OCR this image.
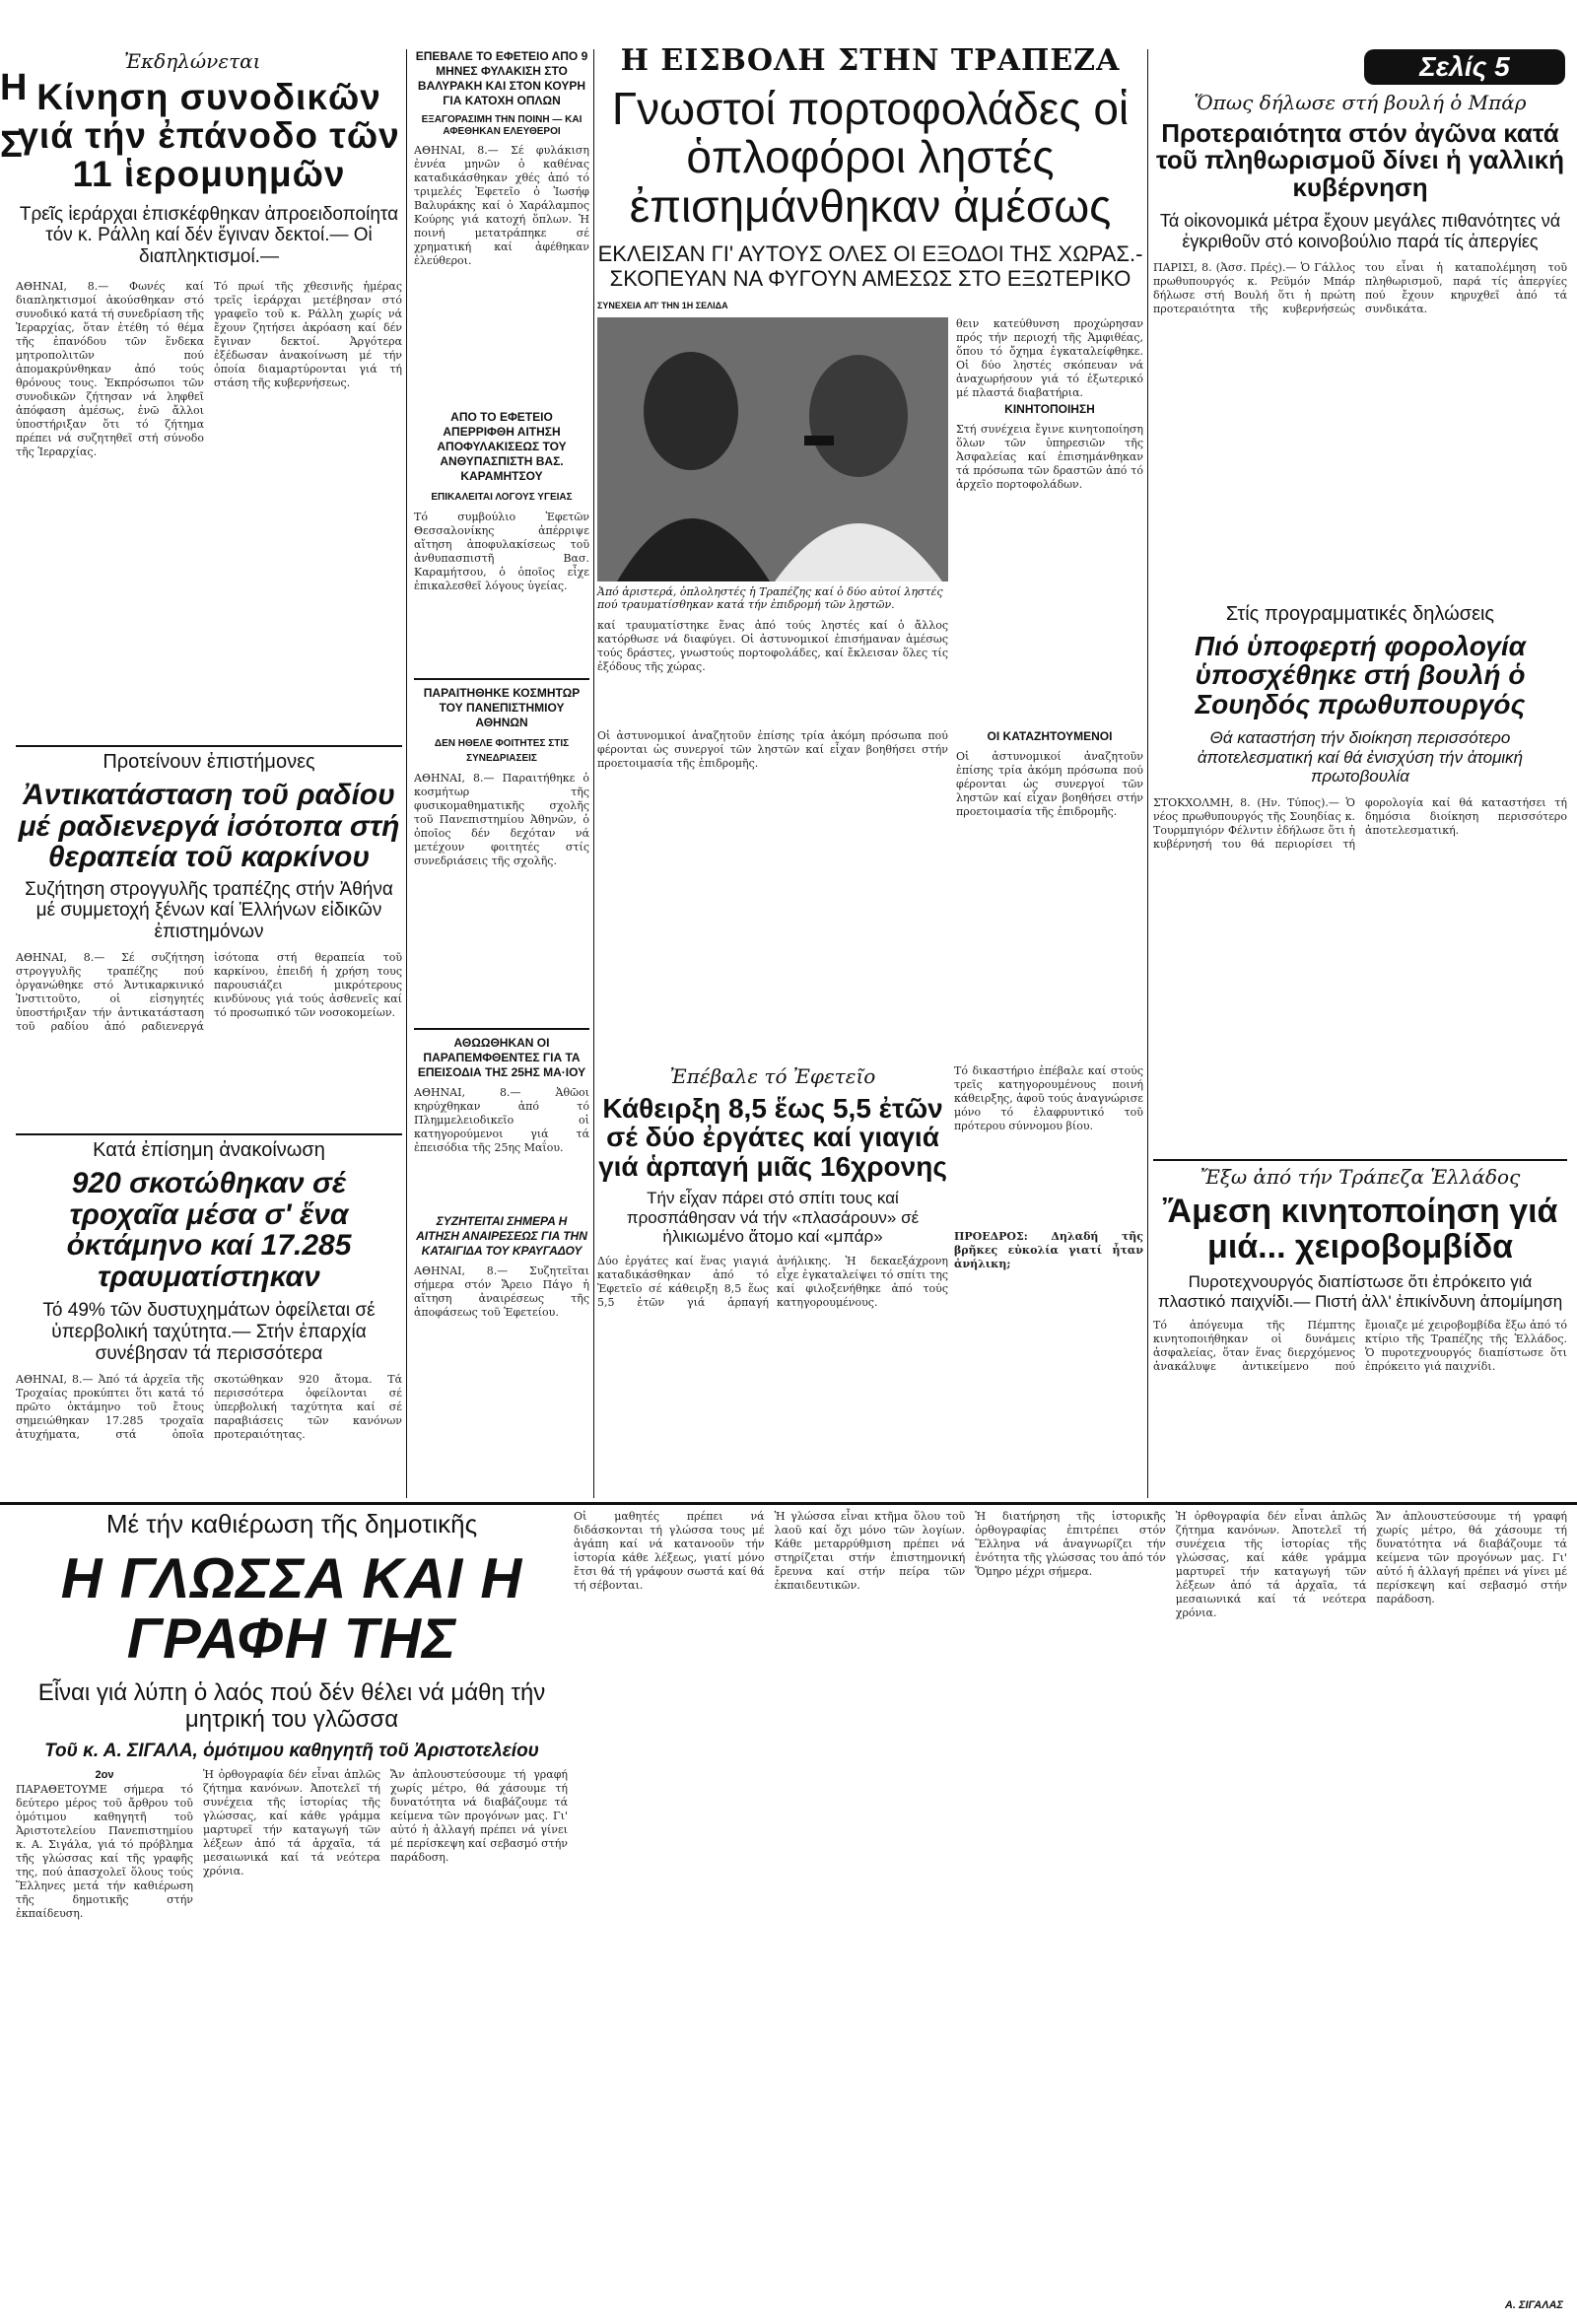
Η Σ
Ἐκδηλώνεται
Κίνηση συνοδικῶν γιά τήν ἐπάνοδο τῶν 11 ἱερομυημῶν
Τρεῖς ἱεράρχαι ἐπισκέφθηκαν ἀπροειδοποίητα τόν κ. Ράλλη καί δέν ἔγιναν δεκτοί.— Οἱ διαπληκτισμοί.—
ΑΘΗΝΑΙ, 8.— Φωνές καί διαπληκτισμοί ἀκούσθηκαν στό συνοδικό κατά τή συνεδρίαση τῆς Ἱεραρχίας, ὅταν ἐτέθη τό θέμα τῆς ἐπανόδου τῶν ἕνδεκα μητροπολιτῶν πού ἀπομακρύνθηκαν ἀπό τούς θρόνους τους. Ἐκπρόσωποι τῶν συνοδικῶν ζήτησαν νά ληφθεῖ ἀπόφαση ἀμέσως, ἐνῶ ἄλλοι ὑποστήριξαν ὅτι τό ζήτημα πρέπει νά συζητηθεῖ στή σύνοδο τῆς Ἱεραρχίας.
Τό πρωί τῆς χθεσινῆς ἡμέρας τρεῖς ἱεράρχαι μετέβησαν στό γραφεῖο τοῦ κ. Ράλλη χωρίς νά ἔχουν ζητήσει ἀκρόαση καί δέν ἔγιναν δεκτοί. Ἀργότερα ἐξέδωσαν ἀνακοίνωση μέ τήν ὁποία διαμαρτύρονται γιά τή στάση τῆς κυβερνήσεως.
Προτείνουν ἐπιστήμονες
Ἀντικατάσταση τοῦ ραδίου μέ ραδιενεργά ἰσότοπα στή θεραπεία τοῦ καρκίνου
Συζήτηση στρογγυλῆς τραπέζης στήν Ἀθήνα μέ συμμετοχή ξένων καί Ἑλλήνων εἰδικῶν ἐπιστημόνων
ΑΘΗΝΑΙ, 8.— Σέ συζήτηση στρογγυλῆς τραπέζης πού ὀργανώθηκε στό Ἀντικαρκινικό Ἰνστιτοῦτο, οἱ εἰσηγητές ὑποστήριξαν τήν ἀντικατάσταση τοῦ ραδίου ἀπό ραδιενεργά ἰσότοπα στή θεραπεία τοῦ καρκίνου, ἐπειδή ἡ χρήση τους παρουσιάζει μικρότερους κινδύνους γιά τούς ἀσθενεῖς καί τό προσωπικό τῶν νοσοκομείων.
Κατά ἐπίσημη ἀνακοίνωση
920 σκοτώθηκαν σέ τροχαῖα μέσα σ' ἕνα ὀκτάμηνο καί 17.285 τραυματίστηκαν
Τό 49% τῶν δυστυχημάτων ὀφείλεται σέ ὑπερβολική ταχύτητα.— Στήν ἐπαρχία συνέβησαν τά περισσότερα
ΑΘΗΝΑΙ, 8.— Ἀπό τά ἀρχεῖα τῆς Τροχαίας προκύπτει ὅτι κατά τό πρῶτο ὀκτάμηνο τοῦ ἔτους σημειώθηκαν 17.285 τροχαῖα ἀτυχήματα, στά ὁποῖα σκοτώθηκαν 920 ἄτομα. Τά περισσότερα ὀφείλονται σέ ὑπερβολική ταχύτητα καί σέ παραβιάσεις τῶν κανόνων προτεραιότητας.
ΕΠΕΒΑΛΕ ΤΟ ΕΦΕΤΕΙΟ ΑΠΟ 9 ΜΗΝΕΣ ΦΥΛΑΚΙΣΗ ΣΤΟ ΒΑΛΥΡΑΚΗ ΚΑΙ ΣΤΟΝ ΚΟΥΡΗ ΓΙΑ ΚΑΤΟΧΗ ΟΠΛΩΝ
ΕΞΑΓΟΡΑΣΙΜΗ ΤΗΝ ΠΟΙΝΗ — ΚΑΙ ΑΦΕΘΗΚΑΝ ΕΛΕΥΘΕΡΟΙ
ΑΘΗΝΑΙ, 8.— Σέ φυλάκιση ἐννέα μηνῶν ὁ καθένας καταδικάσθηκαν χθές ἀπό τό τριμελές Ἐφετεῖο ὁ Ἰωσήφ Βαλυράκης καί ὁ Χαράλαμπος Κούρης γιά κατοχή ὅπλων. Ἡ ποινή μετατράπηκε σέ χρηματική καί ἀφέθηκαν ἐλεύθεροι.
ΑΠΟ ΤΟ ΕΦΕΤΕΙΟ ΑΠΕΡΡΙΦΘΗ ΑΙΤΗΣΗ ΑΠΟΦΥΛΑΚΙΣΕΩΣ ΤΟΥ ΑΝΘΥΠΑΣΠΙΣΤΗ ΒΑΣ. ΚΑΡΑΜΗΤΣΟΥ
ΕΠΙΚΑΛΕΙΤΑΙ ΛΟΓΟΥΣ ΥΓΕΙΑΣ
Τό συμβούλιο Ἐφετῶν Θεσσαλονίκης ἀπέρριψε αἴτηση ἀποφυλακίσεως τοῦ ἀνθυπασπιστῆ Βασ. Καραμήτσου, ὁ ὁποῖος εἶχε ἐπικαλεσθεῖ λόγους ὑγείας.
ΠΑΡΑΙΤΗΘΗΚΕ ΚΟΣΜΗΤΩΡ ΤΟΥ ΠΑΝΕΠΙΣΤΗΜΙΟΥ ΑΘΗΝΩΝ
ΔΕΝ ΗΘΕΛΕ ΦΟΙΤΗΤΕΣ ΣΤΙΣ ΣΥΝΕΔΡΙΑΣΕΙΣ
ΑΘΗΝΑΙ, 8.— Παραιτήθηκε ὁ κοσμήτωρ τῆς φυσικομαθηματικῆς σχολῆς τοῦ Πανεπιστημίου Ἀθηνῶν, ὁ ὁποῖος δέν δεχόταν νά μετέχουν φοιτητές στίς συνεδριάσεις τῆς σχολῆς.
ΑΘΩΩΘΗΚΑΝ ΟΙ ΠΑΡΑΠΕΜΦΘΕΝΤΕΣ ΓΙΑ ΤΑ ΕΠΕΙΣΟΔΙΑ ΤΗΣ 25ΗΣ ΜΑ·ΙΟΥ
ΑΘΗΝΑΙ, 8.— Ἀθῶοι κηρύχθηκαν ἀπό τό Πλημμελειοδικεῖο οἱ κατηγορούμενοι γιά τά ἐπεισόδια τῆς 25ης Μαΐου.
ΣΥΖΗΤΕΙΤΑΙ ΣΗΜΕΡΑ Η ΑΙΤΗΣΗ ΑΝΑΙΡΕΣΕΩΣ ΓΙΑ ΤΗΝ ΚΑΤΑΙΓΙΔΑ ΤΟΥ ΚΡΑΥΓΑΔΟΥ
ΑΘΗΝΑΙ, 8.— Συζητεῖται σήμερα στόν Ἄρειο Πάγο ἡ αἴτηση ἀναιρέσεως τῆς ἀποφάσεως τοῦ Ἐφετείου.
Η ΕΙΣΒΟΛΗ ΣΤΗΝ ΤΡΑΠΕΖΑ
Γνωστοί πορτοφολάδες οἱ ὁπλοφόροι ληστές ἐπισημάνθηκαν ἀμέσως
ΕΚΛΕΙΣΑΝ ΓΙ' ΑΥΤΟΥΣ ΟΛΕΣ ΟΙ ΕΞΟΔΟΙ ΤΗΣ ΧΩΡΑΣ.- ΣΚΟΠΕΥΑΝ ΝΑ ΦΥΓΟΥΝ ΑΜΕΣΩΣ ΣΤΟ ΕΞΩΤΕΡΙΚΟ
ΣΥΝΕΧΕΙΑ ΑΠ' ΤΗΝ 1Η ΣΕΛΙΔΑ
Ἀπό ἀριστερά, ὁπλοληστές ἡ Τραπέζης καί ὁ δύο αὐτοί ληστές πού τραυματίσθηκαν κατά τήν ἐπιδρομή τῶν λῃστῶν.
καί τραυματίστηκε ἕνας ἀπό τούς ληστές καί ὁ ἄλλος κατόρθωσε νά διαφύγει. Οἱ ἀστυνομικοί ἐπισήμαναν ἀμέσως τούς δράστες, γνωστούς πορτοφολάδες, καί ἔκλεισαν ὅλες τίς ἐξόδους τῆς χώρας.
θειν κατεύθυνση προχώρησαν πρός τήν περιοχή τῆς Ἀμφιθέας, ὅπου τό ὄχημα ἐγκαταλείφθηκε. Οἱ δύο ληστές σκόπευαν νά ἀναχωρήσουν γιά τό ἐξωτερικό μέ πλαστά διαβατήρια.
ΚΙΝΗΤΟΠΟΙΗΣΗ
Στή συνέχεια ἔγινε κινητοποίηση ὅλων τῶν ὑπηρεσιῶν τῆς Ἀσφαλείας καί ἐπισημάνθηκαν τά πρόσωπα τῶν δραστῶν ἀπό τό ἀρχεῖο πορτοφολάδων.
Οἱ ἀστυνομικοί ἀναζητοῦν ἐπίσης τρία ἀκόμη πρόσωπα πού φέρονται ὡς συνεργοί τῶν ληστῶν καί εἶχαν βοηθήσει στήν προετοιμασία τῆς ἐπιδρομῆς.
ΟΙ ΚΑΤΑΖΗΤΟΥΜΕΝΟΙ
Οἱ ἀστυνομικοί ἀναζητοῦν ἐπίσης τρία ἀκόμη πρόσωπα πού φέρονται ὡς συνεργοί τῶν ληστῶν καί εἶχαν βοηθήσει στήν προετοιμασία τῆς ἐπιδρομῆς.
Ἐπέβαλε τό Ἐφετεῖο
Κάθειρξη 8,5 ἕως 5,5 ἐτῶν σέ δύο ἐργάτες καί γιαγιά γιά ἁρπαγή μιᾶς 16χρονης
Τήν εἶχαν πάρει στό σπίτι τους καί προσπάθησαν νά τήν «πλασάρουν» σέ ἡλικιωμένο ἄτομο καί «μπάρ»
Δύο ἐργάτες καί ἕνας γιαγιά καταδικάσθηκαν ἀπό τό Ἐφετεῖο σέ κάθειρξη 8,5 ἕως 5,5 ἐτῶν γιά ἁρπαγή ἀνήλικης. Ἡ δεκαεξάχρονη εἶχε ἐγκαταλείψει τό σπίτι της καί φιλοξενήθηκε ἀπό τούς κατηγορουμένους.
Τό δικαστήριο ἐπέβαλε καί στούς τρεῖς κατηγορουμένους ποινή κάθειρξης, ἀφοῦ τούς ἀναγνώρισε μόνο τό ἐλαφρυντικό τοῦ πρότερου σύννομου βίου.
ΠΡΟΕΔΡΟΣ: Δηλαδή τῆς βρῆκες εὐκολία γιατί ἦταν ἀνήλικη;
Σελίς 5
Ὅπως δήλωσε στή βουλή ὁ Μπάρ
Προτεραιότητα στόν ἀγῶνα κατά τοῦ πληθωρισμοῦ δίνει ἡ γαλλική κυβέρνηση
Τά οἰκονομικά μέτρα ἔχουν μεγάλες πιθανότητες νά ἐγκριθοῦν στό κοινοβούλιο παρά τίς ἀπεργίες
ΠΑΡΙΣΙ, 8. (Ἀσσ. Πρές).— Ὁ Γάλλος πρωθυπουργός κ. Ρεϋμόν Μπάρ δήλωσε στή Βουλή ὅτι ἡ πρώτη προτεραιότητα τῆς κυβερνήσεώς του εἶναι ἡ καταπολέμηση τοῦ πληθωρισμοῦ, παρά τίς ἀπεργίες πού ἔχουν κηρυχθεῖ ἀπό τά συνδικάτα.
Στίς προγραμματικές δηλώσεις
Πιό ὑποφερτή φορολογία ὑποσχέθηκε στή βουλή ὁ Σουηδός πρωθυπουργός
Θά καταστήση τήν διοίκηση περισσότερο ἀποτελεσματική καί θά ἐνισχύση τήν ἀτομική πρωτοβουλία
ΣΤΟΚΧΟΛΜΗ, 8. (Ην. Τύπος).— Ὁ νέος πρωθυπουργός τῆς Σουηδίας κ. Τουρμπγιόρν Φέλντιν ἐδήλωσε ὅτι ἡ κυβέρνησή του θά περιορίσει τή φορολογία καί θά καταστήσει τή δημόσια διοίκηση περισσότερο ἀποτελεσματική.
Ἔξω ἀπό τήν Τράπεζα Ἑλλάδος
Ἄμεση κινητοποίηση γιά μιά... χειροβομβίδα
Πυροτεχνουργός διαπίστωσε ὅτι ἐπρόκειτο γιά πλαστικό παιχνίδι.— Πιστή ἀλλ' ἐπικίνδυνη ἀπομίμηση
Τό ἀπόγευμα τῆς Πέμπτης κινητοποιήθηκαν οἱ δυνάμεις ἀσφαλείας, ὅταν ἕνας διερχόμενος ἀνακάλυψε ἀντικείμενο πού ἔμοιαζε μέ χειροβομβίδα ἔξω ἀπό τό κτίριο τῆς Τραπέζης τῆς Ἑλλάδος. Ὁ πυροτεχνουργός διαπίστωσε ὅτι ἐπρόκειτο γιά παιχνίδι.
Μέ τήν καθιέρωση τῆς δημοτικῆς
Η ΓΛΩΣΣΑ ΚΑΙ Η ΓΡΑΦΗ ΤΗΣ
Εἶναι γιά λύπη ὁ λαός πού δέν θέλει νά μάθη τήν μητρική του γλῶσσα
Τοῦ κ. Α. ΣΙΓΑΛΑ, ὁμότιμου καθηγητῆ τοῦ Ἀριστοτελείου
2ον
ΠΑΡΑΘΕΤΟΥΜΕ σήμερα τό δεύτερο μέρος τοῦ ἄρθρου τοῦ ὁμότιμου καθηγητῆ τοῦ Ἀριστοτελείου Πανεπιστημίου κ. Α. Σιγάλα, γιά τό πρόβλημα τῆς γλώσσας καί τῆς γραφῆς της, πού ἀπασχολεῖ ὅλους τούς Ἕλληνες μετά τήν καθιέρωση τῆς δημοτικῆς στήν ἐκπαίδευση.
Ἡ ὀρθογραφία δέν εἶναι ἁπλῶς ζήτημα κανόνων. Ἀποτελεῖ τή συνέχεια τῆς ἱστορίας τῆς γλώσσας, καί κάθε γράμμα μαρτυρεῖ τήν καταγωγή τῶν λέξεων ἀπό τά ἀρχαῖα, τά μεσαιωνικά καί τά νεότερα χρόνια.
Ἄν ἀπλουστεύσουμε τή γραφή χωρίς μέτρο, θά χάσουμε τή δυνατότητα νά διαβάζουμε τά κείμενα τῶν προγόνων μας. Γι' αὐτό ἡ ἀλλαγή πρέπει νά γίνει μέ περίσκεψη καί σεβασμό στήν παράδοση.
Οἱ μαθητές πρέπει νά διδάσκονται τή γλώσσα τους μέ ἀγάπη καί νά κατανοοῦν τήν ἱστορία κάθε λέξεως, γιατί μόνο ἔτσι θά τή γράφουν σωστά καί θά τή σέβονται.
Ἡ γλώσσα εἶναι κτῆμα ὅλου τοῦ λαοῦ καί ὄχι μόνο τῶν λογίων. Κάθε μεταρρύθμιση πρέπει νά στηρίζεται στήν ἐπιστημονική ἔρευνα καί στήν πείρα τῶν ἐκπαιδευτικῶν.
Ἡ διατήρηση τῆς ἱστορικῆς ὀρθογραφίας ἐπιτρέπει στόν Ἕλληνα νά ἀναγνωρίζει τήν ἑνότητα τῆς γλώσσας του ἀπό τόν Ὅμηρο μέχρι σήμερα.
Ἡ ὀρθογραφία δέν εἶναι ἁπλῶς ζήτημα κανόνων. Ἀποτελεῖ τή συνέχεια τῆς ἱστορίας τῆς γλώσσας, καί κάθε γράμμα μαρτυρεῖ τήν καταγωγή τῶν λέξεων ἀπό τά ἀρχαῖα, τά μεσαιωνικά καί τά νεότερα χρόνια.
Ἄν ἀπλουστεύσουμε τή γραφή χωρίς μέτρο, θά χάσουμε τή δυνατότητα νά διαβάζουμε τά κείμενα τῶν προγόνων μας. Γι' αὐτό ἡ ἀλλαγή πρέπει νά γίνει μέ περίσκεψη καί σεβασμό στήν παράδοση.
Α. ΣΙΓΑΛΑΣ
